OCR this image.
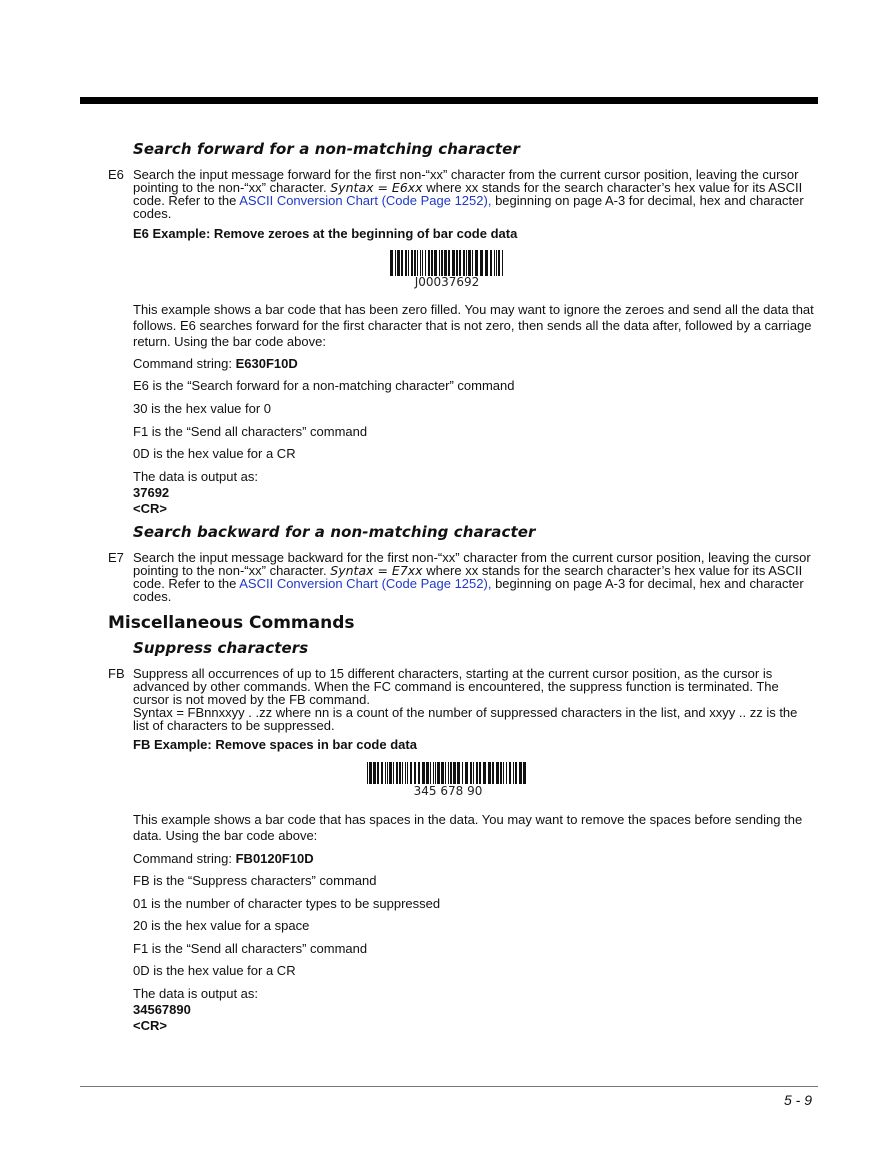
Search forward for a non-matching character
E6 Search the input message forward for the first non-“xx” character from the current cursor position, leaving the cursor pointing to the non-“xx” character. Syntax = E6xx where xx stands for the search character’s hex value for its ASCII code. Refer to the ASCII Conversion Chart (Code Page 1252), beginning on page A-3 for decimal, hex and character codes.
E6 Example: Remove zeroes at the beginning of bar code data
J00037692
This example shows a bar code that has been zero filled. You may want to ignore the zeroes and send all the data that follows. E6 searches forward for the first character that is not zero, then sends all the data after, followed by a carriage return. Using the bar code above:
Command string: E630F10D
E6 is the “Search forward for a non-matching character” command
30 is the hex value for 0
F1 is the “Send all characters” command
0D is the hex value for a CR
The data is output as:
37692
<CR>
Search backward for a non-matching character
E7 Search the input message backward for the first non-“xx” character from the current cursor position, leaving the cursor pointing to the non-“xx” character. Syntax = E7xx where xx stands for the search character’s hex value for its ASCII code. Refer to the ASCII Conversion Chart (Code Page 1252), beginning on page A-3 for decimal, hex and character codes.
Miscellaneous Commands
Suppress characters
FB Suppress all occurrences of up to 15 different characters, starting at the current cursor position, as the cursor is advanced by other commands. When the FC command is encountered, the suppress function is terminated. The cursor is not moved by the FB command.
Syntax = FBnnxxyy . .zz where nn is a count of the number of suppressed characters in the list, and xxyy .. zz is the list of characters to be suppressed.
FB Example: Remove spaces in bar code data
345 678 90
This example shows a bar code that has spaces in the data. You may want to remove the spaces before sending the data. Using the bar code above:
Command string: FB0120F10D
FB is the “Suppress characters” command
01 is the number of character types to be suppressed
20 is the hex value for a space
F1 is the “Send all characters” command
0D is the hex value for a CR
The data is output as:
34567890
<CR>
5 - 9
